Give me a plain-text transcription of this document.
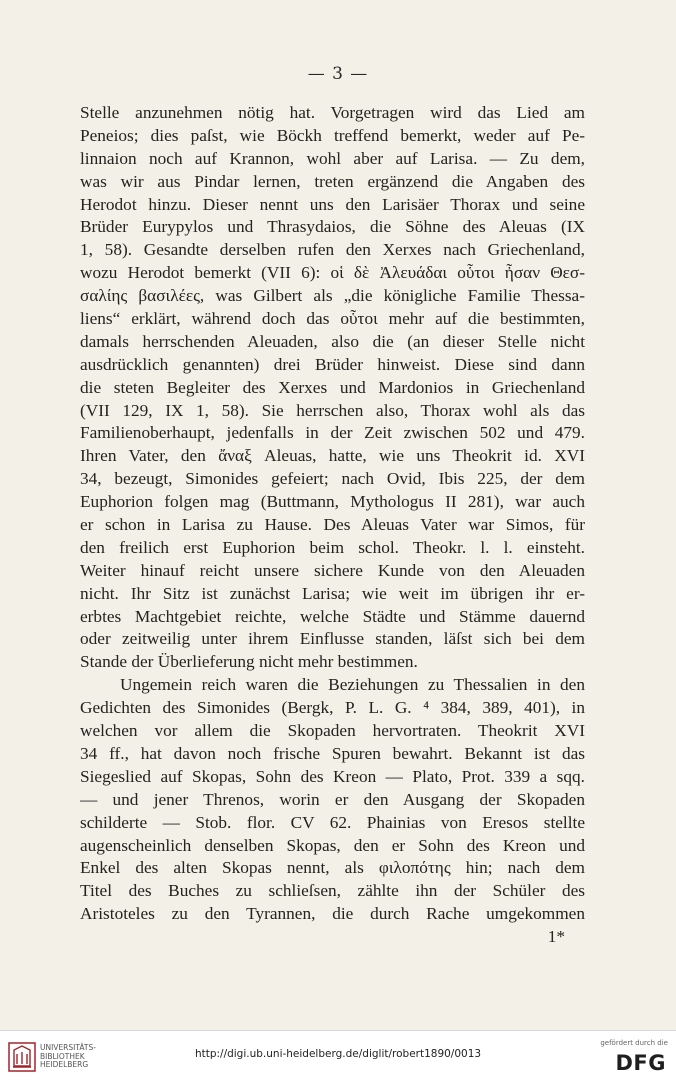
— 3 —
Stelle anzunehmen nötig hat. Vorgetragen wird das Lied am
Peneios; dies paſst, wie Böckh treffend bemerkt, weder auf Pe-
linnaion noch auf Krannon, wohl aber auf Larisa. — Zu dem,
was wir aus Pindar lernen, treten ergänzend die Angaben des
Herodot hinzu. Dieser nennt uns den Larisäer Thorax und seine
Brüder Eurypylos und Thrasydaios, die Söhne des Aleuas (IX
1, 58). Gesandte derselben rufen den Xerxes nach Griechenland,
wozu Herodot bemerkt (VII 6): οἱ δὲ Ἀλευάδαι οὗτοι ἦσαν Θεσ-
σαλίης βασιλέες, was Gilbert als „die königliche Familie Thessa-
liens“ erklärt, während doch das οὗτοι mehr auf die bestimmten,
damals herrschenden Aleuaden, also die (an dieser Stelle nicht
ausdrücklich genannten) drei Brüder hinweist. Diese sind dann
die steten Begleiter des Xerxes und Mardonios in Griechenland
(VII 129, IX 1, 58). Sie herrschen also, Thorax wohl als das
Familienoberhaupt, jedenfalls in der Zeit zwischen 502 und 479.
Ihren Vater, den ἄναξ Aleuas, hatte, wie uns Theokrit id. XVI
34, bezeugt, Simonides gefeiert; nach Ovid, Ibis 225, der dem
Euphorion folgen mag (Buttmann, Mythologus II 281), war auch
er schon in Larisa zu Hause. Des Aleuas Vater war Simos, für
den freilich erst Euphorion beim schol. Theokr. l. l. einsteht.
Weiter hinauf reicht unsere sichere Kunde von den Aleuaden
nicht. Ihr Sitz ist zunächst Larisa; wie weit im übrigen ihr er-
erbtes Machtgebiet reichte, welche Städte und Stämme dauernd
oder zeitweilig unter ihrem Einflusse standen, läſst sich bei dem
Stande der Überlieferung nicht mehr bestimmen.
Ungemein reich waren die Beziehungen zu Thessalien in den
Gedichten des Simonides (Bergk, P. L. G. ⁴ 384, 389, 401), in
welchen vor allem die Skopaden hervortraten. Theokrit XVI
34 ff., hat davon noch frische Spuren bewahrt. Bekannt ist das
Siegeslied auf Skopas, Sohn des Kreon — Plato, Prot. 339 a sqq.
— und jener Threnos, worin er den Ausgang der Skopaden
schilderte — Stob. flor. CV 62. Phainias von Eresos stellte
augenscheinlich denselben Skopas, den er Sohn des Kreon und
Enkel des alten Skopas nennt, als φιλοπότης hin; nach dem
Titel des Buches zu schlieſsen, zählte ihn der Schüler des
Aristoteles zu den Tyrannen, die durch Rache umgekommen
1*
UNIVERSITÄTS-
BIBLIOTHEK
HEIDELBERG
http://digi.ub.uni-heidelberg.de/diglit/robert1890/0013
gefördert durch die
DFG
